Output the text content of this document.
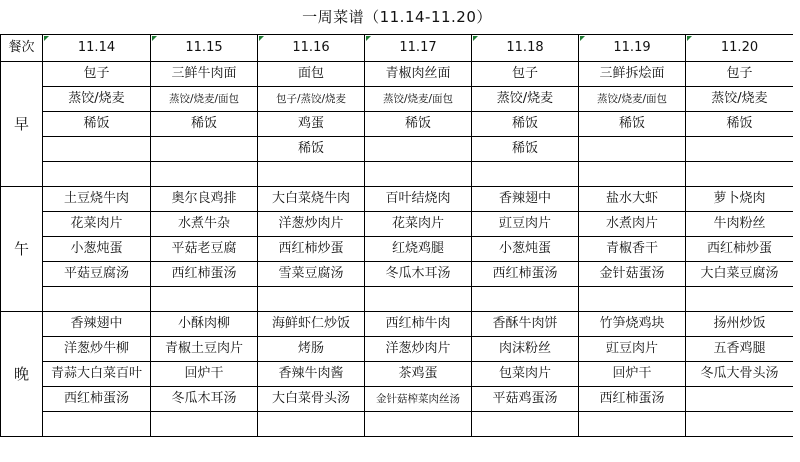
一周菜谱（11.14-11.20）
餐次	11.14	11.15	11.16	11.17	11.18	11.19	11.20
早	包子	三鲜牛肉面	面包	青椒肉丝面	包子	三鲜拆烩面	包子
	蒸饺/烧麦	蒸饺/烧麦/面包	包子/蒸饺/烧麦	蒸饺/烧麦/面包	蒸饺/烧麦	蒸饺/烧麦/面包	蒸饺/烧麦
	稀饭	稀饭	鸡蛋	稀饭	稀饭	稀饭	稀饭
			稀饭		稀饭		

午	土豆烧牛肉	奥尔良鸡排	大白菜烧牛肉	百叶结烧肉	香辣翅中	盐水大虾	萝卜烧肉
	花菜肉片	水煮牛杂	洋葱炒肉片	花菜肉片	豇豆肉片	水煮肉片	牛肉粉丝
	小葱炖蛋	平菇老豆腐	西红柿炒蛋	红烧鸡腿	小葱炖蛋	青椒香干	西红柿炒蛋
	平菇豆腐汤	西红柿蛋汤	雪菜豆腐汤	冬瓜木耳汤	西红柿蛋汤	金针菇蛋汤	大白菜豆腐汤

晚	香辣翅中	小酥肉柳	海鲜虾仁炒饭	西红柿牛肉	香酥牛肉饼	竹笋烧鸡块	扬州炒饭
	洋葱炒牛柳	青椒土豆肉片	烤肠	洋葱炒肉片	肉沫粉丝	豇豆肉片	五香鸡腿
	青蒜大白菜百叶	回炉干	香辣牛肉酱	茶鸡蛋	包菜肉片	回炉干	冬瓜大骨头汤
	西红柿蛋汤	冬瓜木耳汤	大白菜骨头汤	金针菇榨菜肉丝汤	平菇鸡蛋汤	西红柿蛋汤	
